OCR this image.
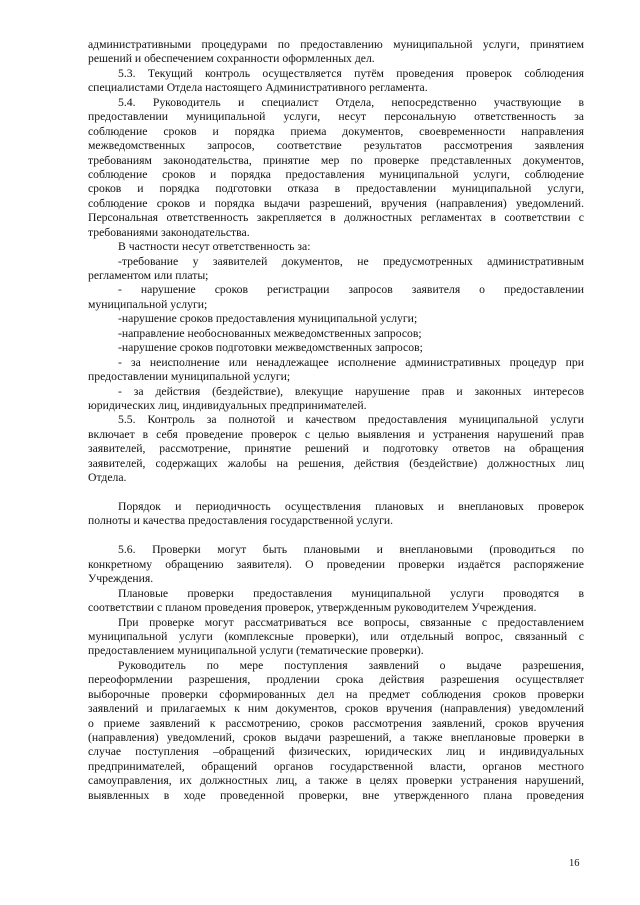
административными процедурами по предоставлению муниципальной услуги, принятием
решений и обеспечением сохранности оформленных дел.
5.3. Текущий контроль осуществляется путём проведения проверок соблюдения
специалистами Отдела настоящего Административного регламента.
5.4. Руководитель и специалист Отдела, непосредственно участвующие в
предоставлении муниципальной услуги, несут персональную ответственность за
соблюдение сроков и порядка приема документов, своевременности направления
межведомственных запросов, соответствие результатов рассмотрения заявления
требованиям законодательства, принятие мер по проверке представленных документов,
соблюдение сроков и порядка предоставления муниципальной услуги, соблюдение
сроков и порядка подготовки отказа в предоставлении муниципальной услуги,
соблюдение сроков и порядка выдачи разрешений, вручения (направления) уведомлений.
Персональная ответственность закрепляется в должностных регламентах в соответствии с
требованиями законодательства.
В частности несут ответственность за:
-требование у заявителей документов, не предусмотренных административным
регламентом или платы;
- нарушение сроков регистрации запросов заявителя о предоставлении
муниципальной услуги;
-нарушение сроков предоставления муниципальной услуги;
-направление необоснованных межведомственных запросов;
-нарушение сроков подготовки межведомственных запросов;
- за неисполнение или ненадлежащее исполнение административных процедур при
предоставлении муниципальной услуги;
- за действия (бездействие), влекущие нарушение прав и законных интересов
юридических лиц, индивидуальных предпринимателей.
5.5. Контроль за полнотой и качеством предоставления муниципальной услуги
включает в себя проведение проверок с целью выявления и устранения нарушений прав
заявителей, рассмотрение, принятие решений и подготовку ответов на обращения
заявителей, содержащих жалобы на решения, действия (бездействие) должностных лиц
Отдела.
Порядок и периодичность осуществления плановых и внеплановых проверок
полноты и качества предоставления государственной услуги.
5.6. Проверки могут быть плановыми и внеплановыми (проводиться по
конкретному обращению заявителя). О проведении проверки издаётся распоряжение
Учреждения.
Плановые проверки предоставления муниципальной услуги проводятся в
соответствии с планом проведения проверок, утвержденным руководителем Учреждения.
При проверке могут рассматриваться все вопросы, связанные с предоставлением
муниципальной услуги (комплексные проверки), или отдельный вопрос, связанный с
предоставлением муниципальной услуги (тематические проверки).
Руководитель по мере поступления заявлений о выдаче разрешения,
переоформлении разрешения, продлении срока действия разрешения осуществляет
выборочные проверки сформированных дел на предмет соблюдения сроков проверки
заявлений и прилагаемых к ним документов, сроков вручения (направления) уведомлений
о приеме заявлений к рассмотрению, сроков рассмотрения заявлений, сроков вручения
(направления) уведомлений, сроков выдачи разрешений, а также внеплановые проверки в
случае поступления –обращений физических, юридических лиц и индивидуальных
предпринимателей, обращений органов государственной власти, органов местного
самоуправления, их должностных лиц, а также в целях проверки устранения нарушений,
выявленных в ходе проведенной проверки, вне утвержденного плана проведения
16
